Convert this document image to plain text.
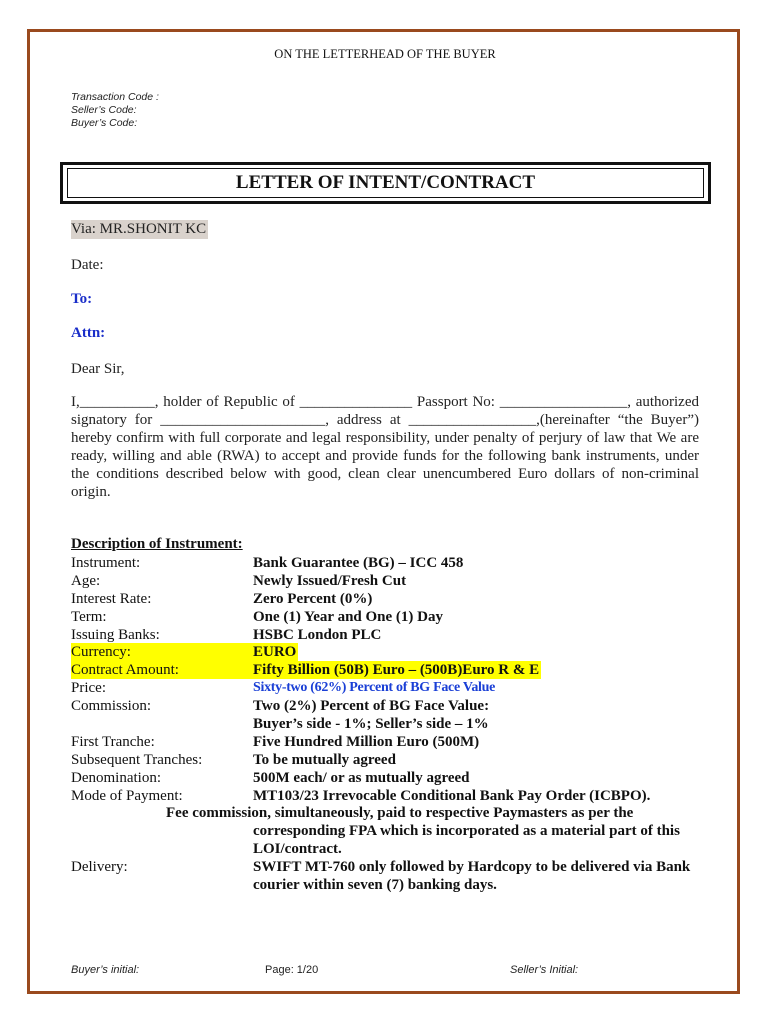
ON THE LETTERHEAD OF THE BUYER
Transaction Code :
Seller’s Code:
Buyer’s Code:
LETTER OF INTENT/CONTRACT
Via: MR.SHONIT KC
Date:
To:
Attn:
Dear Sir,
I,__________, holder of Republic of _______________ Passport No: _________________, authorized signatory for ______________________, address at _________________,(hereinafter “the Buyer”) hereby confirm with full corporate and legal responsibility, under penalty of perjury of law that We are ready, willing and able (RWA) to accept and provide funds for the following bank instruments, under the conditions described below with good, clean clear unencumbered Euro dollars of non-criminal origin.
Description of Instrument:
Instrument:	Bank Guarantee (BG) – ICC 458
Age:	Newly Issued/Fresh Cut
Interest Rate:	Zero Percent (0%)
Term:	One (1) Year and One (1) Day
Issuing Banks:	HSBC London PLC
Currency:	EURO
Contract Amount:	Fifty Billion (50B) Euro – (500B)Euro R & E
Price:	Sixty-two (62%) Percent of BG Face Value
Commission:	Two (2%) Percent of BG Face Value:
Buyer’s side - 1%; Seller’s side – 1%
First Tranche:	Five Hundred Million Euro (500M)
Subsequent Tranches:	To be mutually agreed
Denomination:	500M each/ or as mutually agreed
Mode of Payment:	MT103/23 Irrevocable Conditional Bank Pay Order (ICBPO).
Fee commission, simultaneously, paid to respective Paymasters as per the
corresponding FPA which is incorporated as a material part of this
LOI/contract.
Delivery:	SWIFT MT-760 only followed by Hardcopy to be delivered via Bank
courier within seven (7) banking days.
Buyer’s initial:	Page: 1/20	Seller’s Initial:
